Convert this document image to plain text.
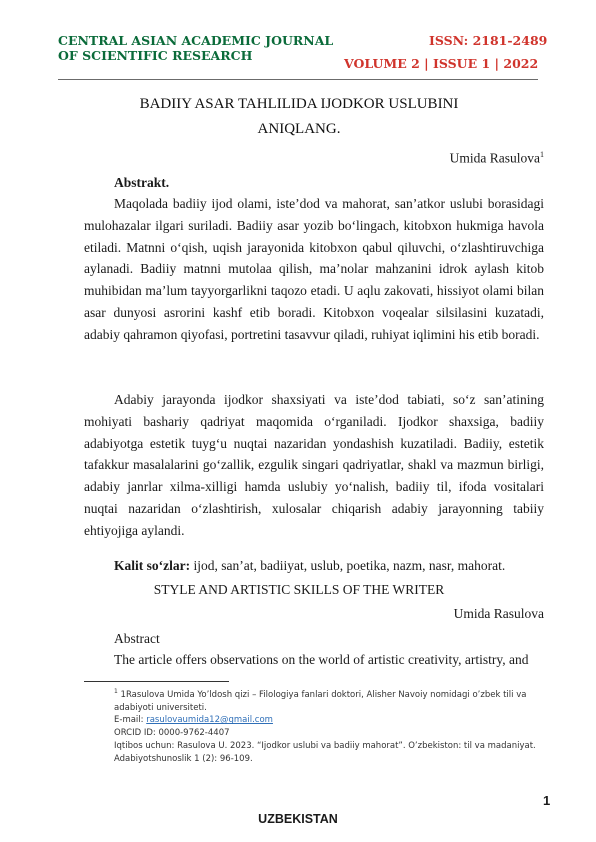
CENTRAL ASIAN ACADEMIC JOURNAL
OF SCIENTIFIC RESEARCH
ISSN: 2181-2489
VOLUME 2 | ISSUE 1 | 2022
BADIIY ASAR TAHLILIDA IJODKOR USLUBINI
ANIQLANG.
Umida Rasulova$^1$
Abstrakt.

Maqolada badiiy ijod olami, iste’dod va mahorat, san’atkor uslubi borasidagi mulohazalar ilgari suriladi. Badiiy asar yozib bo‘lingach, kitobxon hukmiga havola etiladi. Matnni o‘qish, uqish jarayonida kitobxon qabul qiluvchi, o‘zlashtiruvchiga aylanadi. Badiiy matnni mutolaa qilish, ma’nolar mahzanini idrok aylash kitob muhibidan ma’lum tayyorgarlikni taqozo etadi. U aqlu zakovati, hissiyot olami bilan asar dunyosi asrorini kashf etib boradi. Kitobxon voqealar silsilasini kuzatadi, adabiy qahramon qiyofasi, portretini tasavvur qiladi, ruhiyat iqlimini his etib boradi.

Adabiy jarayonda ijodkor shaxsiyati va iste’dod tabiati, so‘z san’atining mohiyati bashariy qadriyat maqomida o‘rganiladi. Ijodkor shaxsiga, badiiy adabiyotga estetik tuyg‘u nuqtai nazaridan yondashish kuzatiladi. Badiiy, estetik tafakkur masalalarini go‘zallik, ezgulik singari qadriyatlar, shakl va mazmun birligi, adabiy janrlar xilma-xilligi hamda uslubiy yo‘nalish, badiiy til, ifoda vositalari nuqtai nazaridan o‘zlashtirish, xulosalar chiqarish adabiy jarayonning tabiiy ehtiyojiga aylandi.

Kalit so‘zlar: ijod, san’at, badiiyat, uslub, poetika, nazm, nasr, mahorat.
STYLE AND ARTISTIC SKILLS OF THE WRITER
Umida Rasulova
Abstract

The article offers observations on the world of artistic creativity, artistry, and

$^1$ 1Rasulova Umida Yo’ldosh qizi – Filologiya fanlari doktori, Alisher Navoiy nomidagi o’zbek tili va adabiyoti universiteti.
E-mail: rasulovaumida12@gmail.com
ORCID ID: 0000-9762-4407
Iqtibos uchun: Rasulova U. 2023. “Ijodkor uslubi va badiiy mahorat”. O’zbekiston: til va madaniyat. Adabiyotshunoslik 1 (2): 96-109.
1
UZBEKISTAN
